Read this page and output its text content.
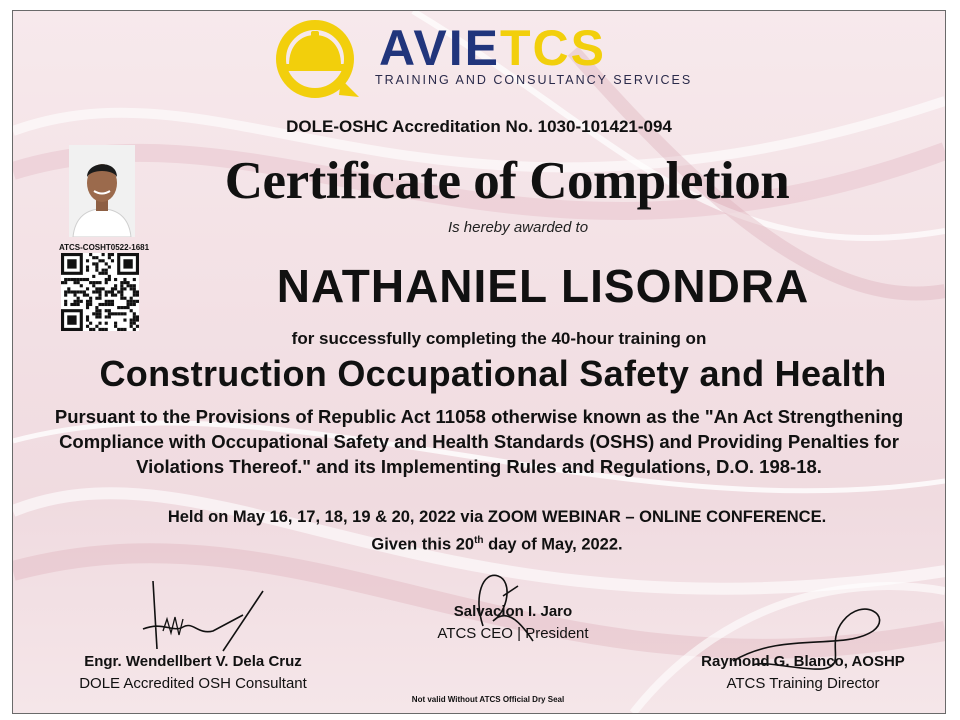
AVIETCS
TRAINING AND CONSULTANCY SERVICES
DOLE-OSHC Accreditation No. 1030-101421-094
Certificate of Completion
Is hereby awarded to
NATHANIEL LISONDRA
for successfully completing the 40-hour training on
Construction Occupational Safety and Health
Pursuant to the Provisions of Republic Act 11058 otherwise known as the "An Act Strengthening Compliance with Occupational Safety and Health Standards (OSHS) and Providing Penalties for Violations Thereof." and its Implementing Rules and Regulations, D.O. 198-18.
Held on May 16, 17, 18, 19 & 20, 2022 via ZOOM WEBINAR – ONLINE CONFERENCE.
Given this 20th day of May, 2022.
ATCS-COSHT0522-1681
Engr. Wendellbert V. Dela Cruz
DOLE Accredited OSH Consultant
Salvacion I. Jaro
ATCS CEO | President
Raymond G. Blanco, AOSHP
ATCS Training Director
Not valid Without ATCS Official Dry Seal
